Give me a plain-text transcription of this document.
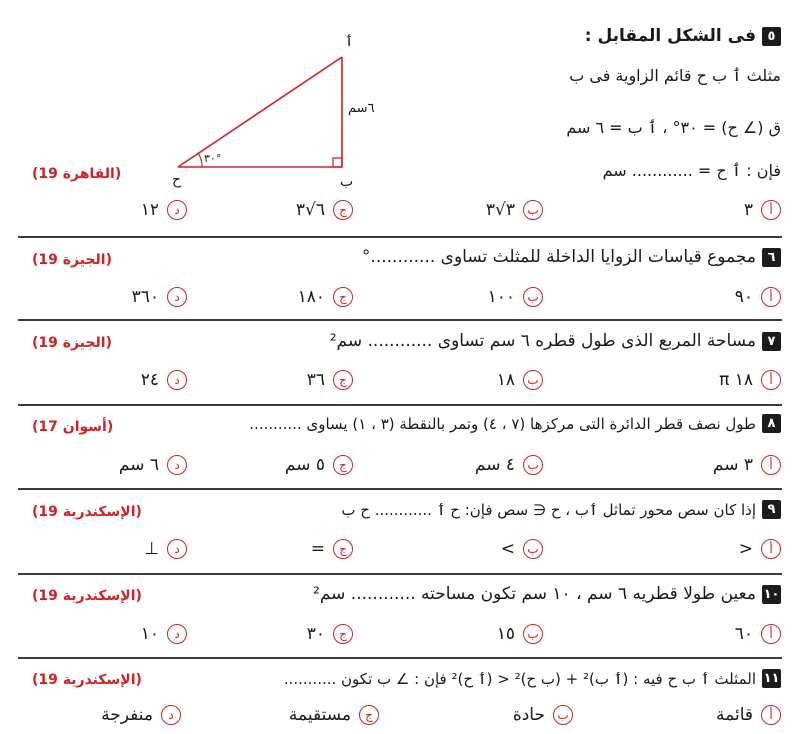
٥
فى الشكل المقابل :
مثلث ٲ ب ح قائم الزاوية فى ب
ق (∠ ح) = ٣٠° ، ٲ ب = ٦ سم
فإن : ٲ ح = ............ سم
(القاهرة 19)
ٲ
ب
ح
٣٠°
٦سم
أ
٣
ب
٣√٣
ج
٦√٣
د
١٢
٦
مجموع قياسات الزوايا الداخلة للمثلث تساوى ............°
(الجيزة 19)
أ
٩٠
ب
١٠٠
ج
١٨٠
د
٣٦٠
٧
مساحة المربع الذى طول قطره ٦ سم تساوى ............ سم²
(الجيزة 19)
أ
١٨ π
ب
١٨
ج
٣٦
د
٢٤
٨
طول نصف قطر الدائرة التى مركزها (٧ ، ٤) وتمر بالنقطة (٣ ، ١) يساوى ...........
(أسوان 17)
أ
٣ سم
ب
٤ سم
ج
٥ سم
د
٦ سم
٩
إذا كان سص محور تماثل ٲب ، ح ∈ سص فإن: ح ٲ ............ ح ب
(الإسكندرية 19)
أ
<
ب
>
ج
=
د
⊥
١٠
معين طولا قطريه ٦ سم ، ١٠ سم تكون مساحته ............ سم²
(الإسكندرية 19)
أ
٦٠
ب
١٥
ج
٣٠
د
١٠
١١
المثلث ٲ ب ح فيه : (ٲ ب)² + (ب ح)² < (ٲ ح)² فإن : ∠ ب تكون ...........
(الإسكندرية 19)
أ
قائمة
ب
حادة
ج
مستقيمة
د
منفرجة
